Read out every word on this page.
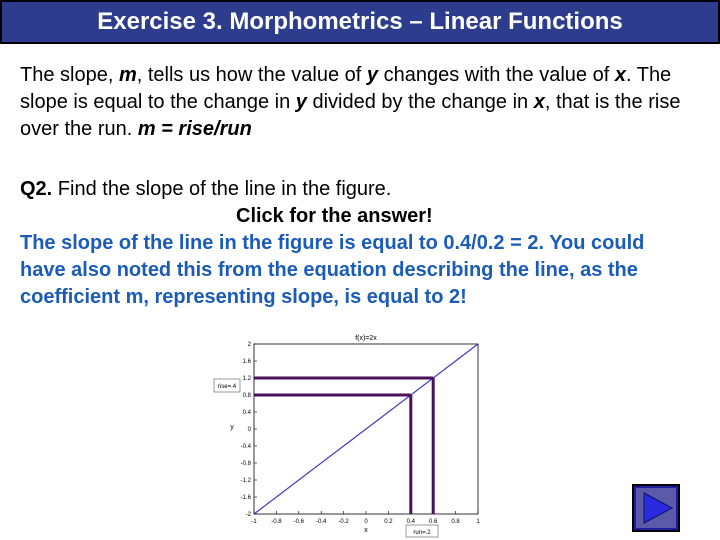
Exercise 3. Morphometrics – Linear Functions
The slope, m, tells us how the value of y changes with the value of x. The slope is equal to the change in y divided by the change in x, that is the rise over the run. m = rise/run
Q2. Find the slope of the line in the figure.
Click for the answer!
The slope of the line in the figure is equal to 0.4/0.2 = 2. You could have also noted this from the equation describing the line, as the coefficient m, representing slope, is equal to 2!
f(x)=2x
-1 -0.8 -0.6 -0.4 -0.2	0	0.2 0.4 0.6 0.8	1
-2
-1.6
-1.2
-0.8
-0.4
0
0.4
0.8
1.2
1.6
2
x
y
rise=.4
run=.2
